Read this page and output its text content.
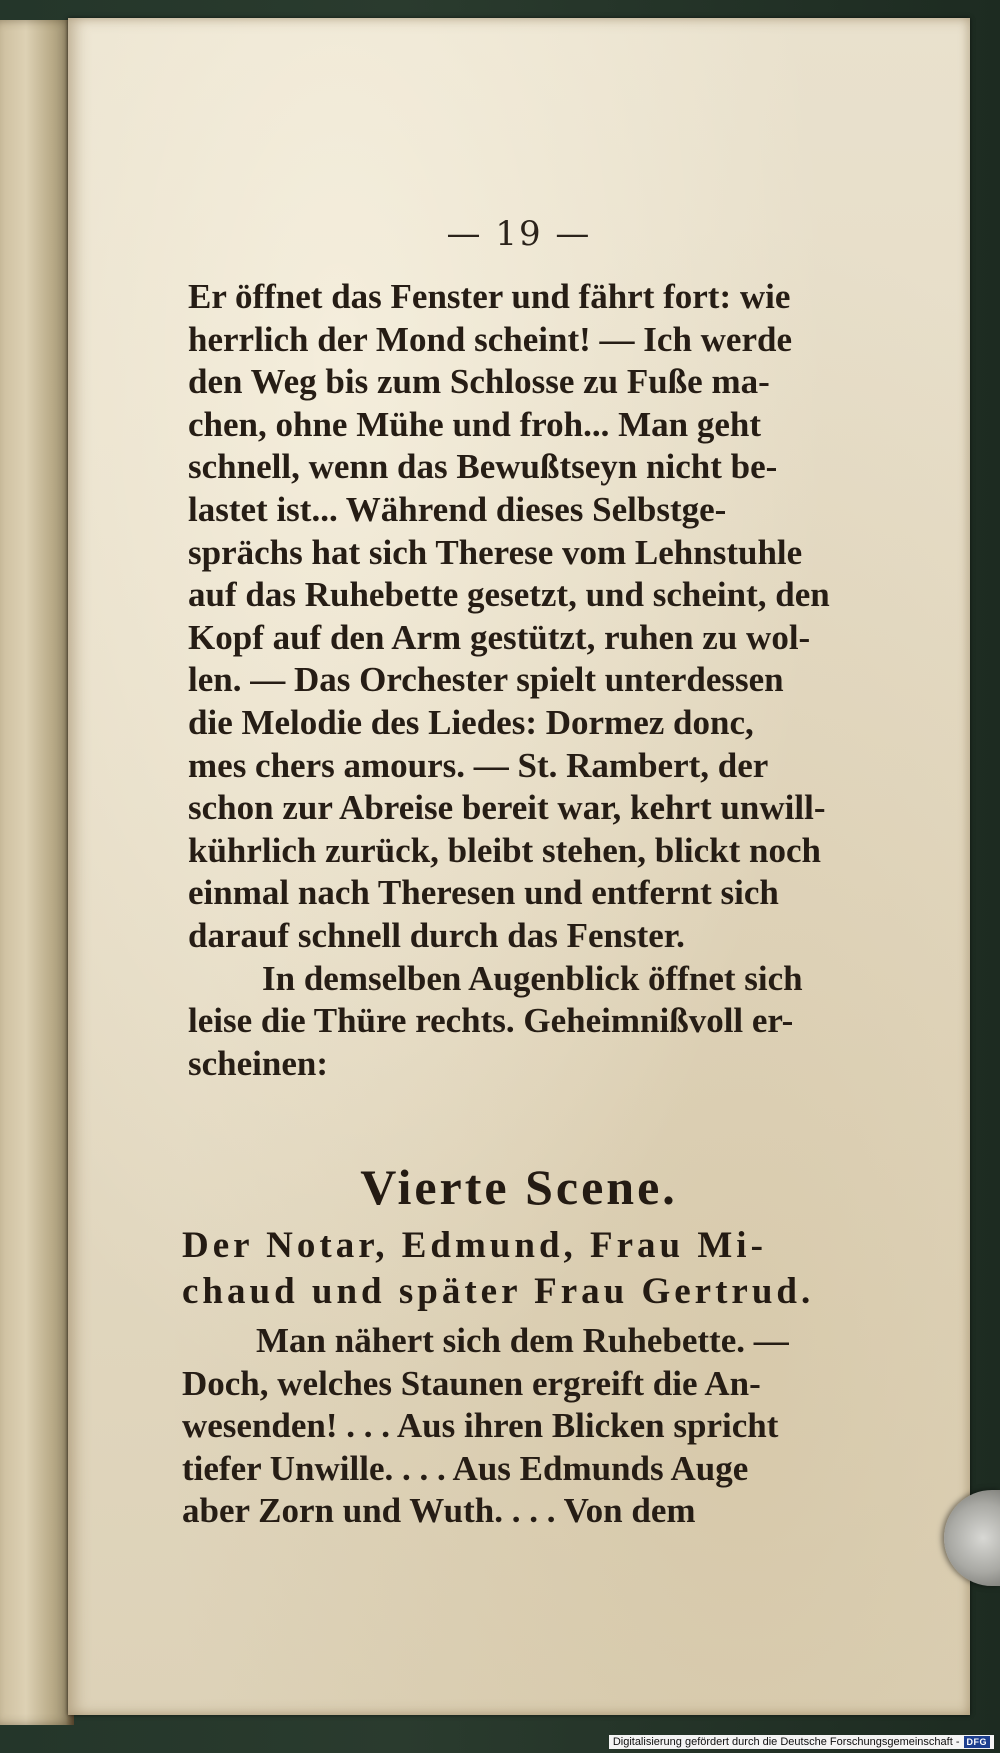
— 19 —
Er öffnet das Fenster und fährt fort: wie
herrlich der Mond scheint! — Ich werde
den Weg bis zum Schlosse zu Fuße ma-
chen, ohne Mühe und froh... Man geht
schnell, wenn das Bewußtseyn nicht be-
lastet ist... Während dieses Selbstge-
sprächs hat sich Therese vom Lehnstuhle
auf das Ruhebette gesetzt, und scheint, den
Kopf auf den Arm gestützt, ruhen zu wol-
len. — Das Orchester spielt unterdessen
die Melodie des Liedes: Dormez donc,
mes chers amours. — St. Rambert, der
schon zur Abreise bereit war, kehrt unwill-
kührlich zurück, bleibt stehen, blickt noch
einmal nach Theresen und entfernt sich
darauf schnell durch das Fenster.
In demselben Augenblick öffnet sich
leise die Thüre rechts. Geheimnißvoll er-
scheinen:
Vierte Scene.
Der Notar, Edmund, Frau Mi-
chaud und später Frau Gertrud.
Man nähert sich dem Ruhebette. —
Doch, welches Staunen ergreift die An-
wesenden! . . . Aus ihren Blicken spricht
tiefer Unwille. . . . Aus Edmunds Auge
aber Zorn und Wuth. . . . Von dem
Digitalisierung gefördert durch die Deutsche Forschungsgemeinschaft - DFG
